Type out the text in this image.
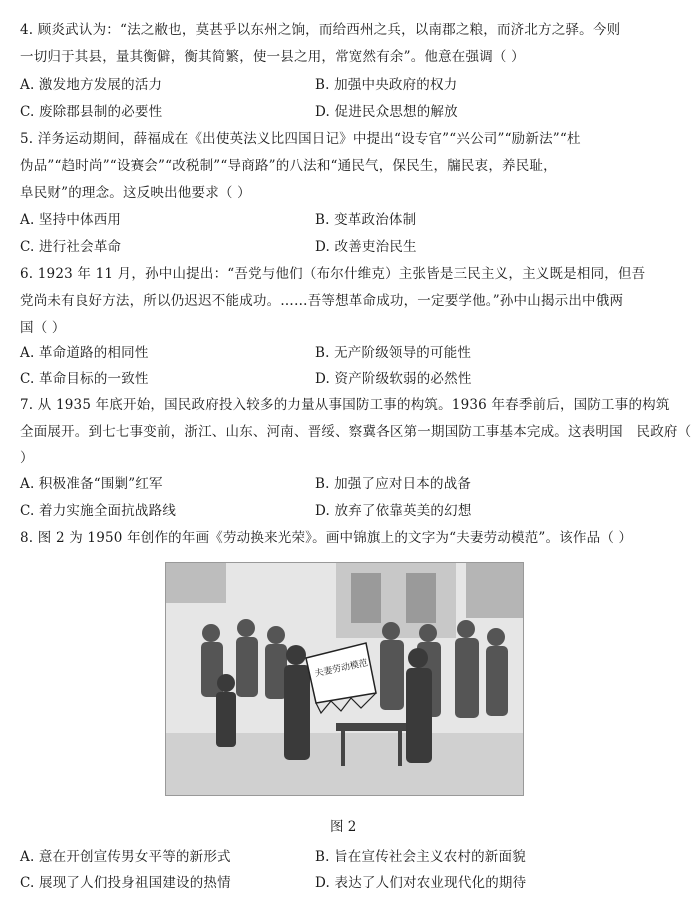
4. 顾炎武认为：“法之敝也，莫甚乎以东州之饷，而给西州之兵，以南郡之粮，而济北方之驿。今则
一切归于其县，量其衡僻，衡其简繁，使一县之用，常宽然有余”。他意在强调（ ）
A. 激发地方发展的活力	B. 加强中央政府的权力
C. 废除郡县制的必要性	D. 促进民众思想的解放
5. 洋务运动期间，薛福成在《出使英法义比四国日记》中提出“设专官”“兴公司”“励新法”“杜
伪品”“趋时尚”“设赛会”“改税制”“导商路”的八法和“通民气，保民生，牖民衷，养民耻，
阜民财”的理念。这反映出他要求（ ）
A. 坚持中体西用	B. 变革政治体制
C. 进行社会革命	D. 改善吏治民生
6. 1923 年 11 月，孙中山提出：“吾党与他们（布尔什维克）主张皆是三民主义，主义既是相同，但吾
党尚未有良好方法，所以仍迟迟不能成功。……吾等想革命成功，一定要学他。”孙中山揭示出中俄两
国（ ）
A. 革命道路的相同性	B. 无产阶级领导的可能性
C. 革命目标的一致性	D. 资产阶级软弱的必然性
7. 从 1935 年底开始，国民政府投入较多的力量从事国防工事的构筑。1936 年春季前后，国防工事的构筑
全面展开。到七七事变前，浙江、山东、河南、晋绥、察冀各区第一期国防工事基本完成。这表明国　民政府（
）
A. 积极准备“围剿”红军	B. 加强了应对日本的战备
C. 着力实施全面抗战路线	D. 放弃了依靠英美的幻想
8. 图 2 为 1950 年创作的年画《劳动换来光荣》。画中锦旗上的文字为“夫妻劳动模范”。该作品（ ）
夫妻劳动模范
图 2
A. 意在开创宣传男女平等的新形式	B. 旨在宣传社会主义农村的新面貌
C. 展现了人们投身祖国建设的热情	D. 表达了人们对农业现代化的期待
